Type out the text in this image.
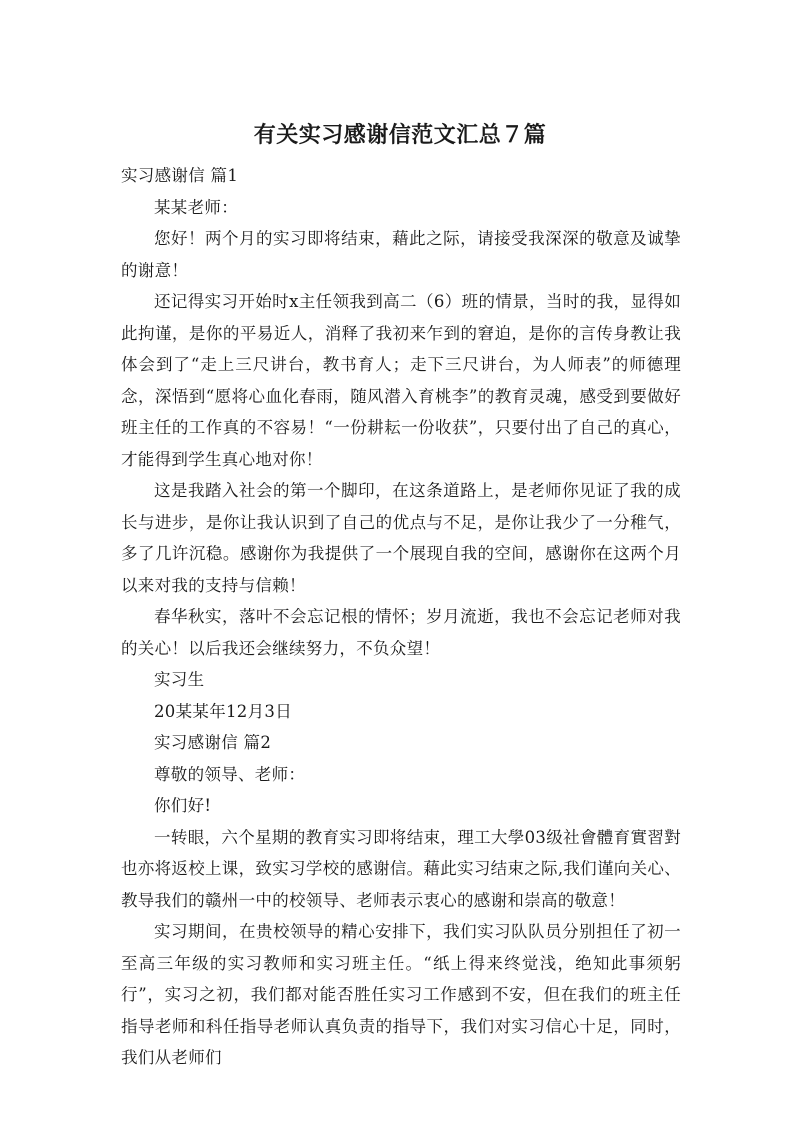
有关实习感谢信范文汇总７篇

实习感谢信 篇1

某某老师：

您好！两个月的实习即将结束，藉此之际，请接受我深深的敬意及诚挚的谢意！

还记得实习开始时x主任领我到高二（6）班的情景，当时的我，显得如此拘谨，是你的平易近人，消释了我初来乍到的窘迫，是你的言传身教让我体会到了“走上三尺讲台，教书育人；走下三尺讲台，为人师表”的师德理念，深悟到“愿将心血化春雨，随风潜入育桃李”的教育灵魂，感受到要做好班主任的工作真的不容易！“一份耕耘一份收获”，只要付出了自己的真心，才能得到学生真心地对你！

这是我踏入社会的第一个脚印，在这条道路上，是老师你见证了我的成长与进步，是你让我认识到了自己的优点与不足，是你让我少了一分稚气，多了几许沉稳。感谢你为我提供了一个展现自我的空间，感谢你在这两个月以来对我的支持与信赖！

春华秋实，落叶不会忘记根的情怀；岁月流逝，我也不会忘记老师对我的关心！以后我还会继续努力，不负众望！

实习生

20某某年12月3日

实习感谢信 篇2

尊敬的领导、老师：

你们好!

一转眼，六个星期的教育实习即将结束，理工大學03级社會體育實習對也亦将返校上课，致实习学校的感谢信。藉此实习结束之际,我们谨向关心、教导我们的赣州一中的校领导、老师表示衷心的感谢和崇高的敬意！

实习期间，在贵校领导的精心安排下，我们实习队队员分别担任了初一至高三年级的实习教师和实习班主任。“纸上得来终觉浅，绝知此事须躬行”，实习之初，我们都对能否胜任实习工作感到不安，但在我们的班主任指导老师和科任指导老师认真负责的指导下，我们对实习信心十足，同时，我们从老师们
